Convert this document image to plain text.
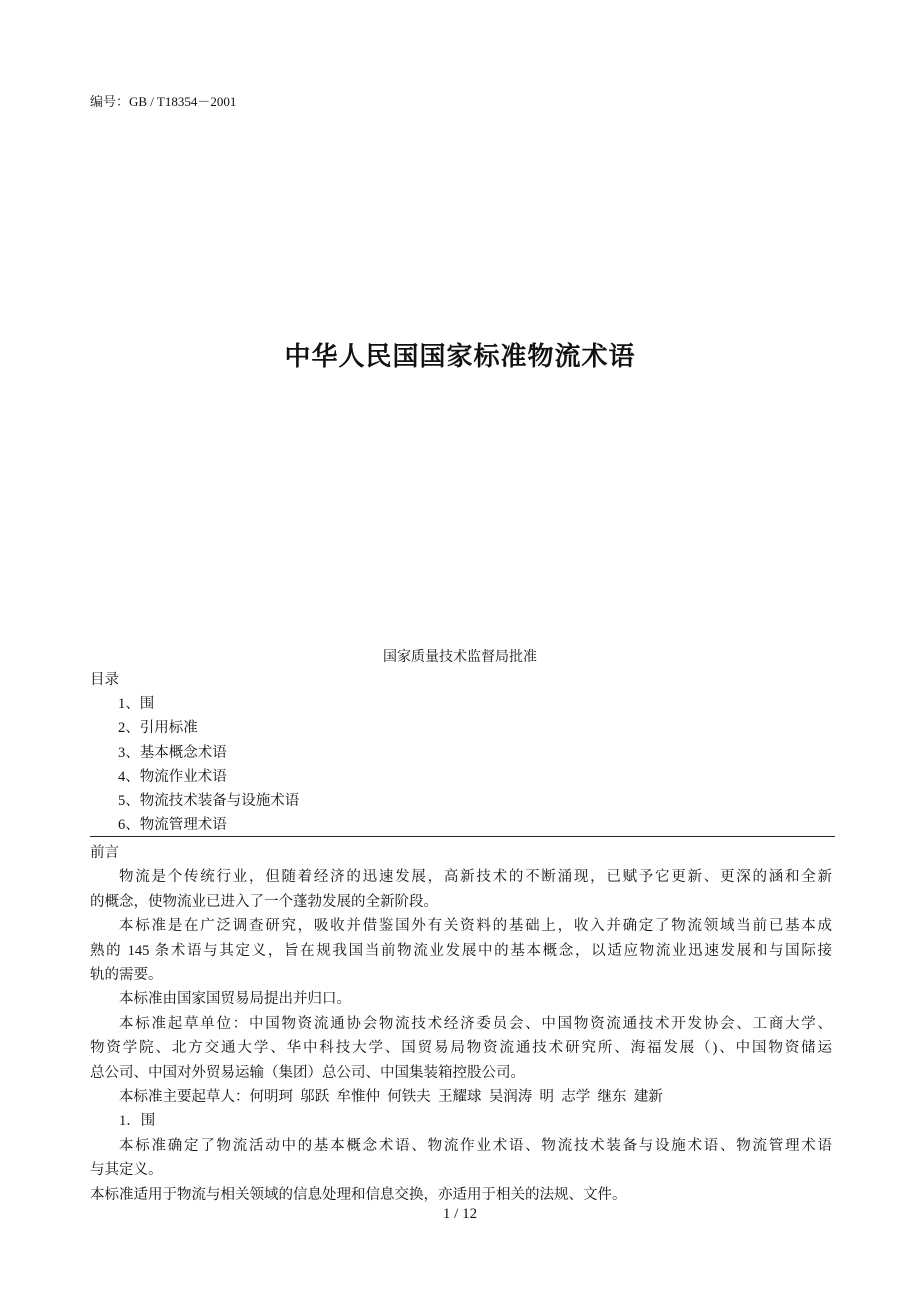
编号：GB / T18354－2001
中华人民国国家标准物流术语
国家质量技术监督局批准
目录
1、围
2、引用标准
3、基本概念术语
4、物流作业术语
5、物流技术装备与设施术语
6、物流管理术语
前言
物流是个传统行业，但随着经济的迅速发展，高新技术的不断涌现，已赋予它更新、更深的涵和全新
的概念，使物流业已进入了一个蓬勃发展的全新阶段。
本标准是在广泛调查研究，吸收并借鉴国外有关资料的基础上，收入并确定了物流领域当前已基本成
熟的 145 条术语与其定义，旨在规我国当前物流业发展中的基本概念，以适应物流业迅速发展和与国际接
轨的需要。
本标准由国家国贸易局提出并归口。
本标准起草单位：中国物资流通协会物流技术经济委员会、中国物资流通技术开发协会、工商大学、
物资学院、北方交通大学、华中科技大学、国贸易局物资流通技术研究所、海福发展（)、中国物资储运
总公司、中国对外贸易运输（集团）总公司、中国集装箱控股公司。
本标准主要起草人：何明珂  邬跃  牟惟仲  何铁夫  王耀球  吴润涛  明  志学  继东  建新
1．围
本标准确定了物流活动中的基本概念术语、物流作业术语、物流技术装备与设施术语、物流管理术语
与其定义。
本标准适用于物流与相关领域的信息处理和信息交换，亦适用于相关的法规、文件。
1 / 12
